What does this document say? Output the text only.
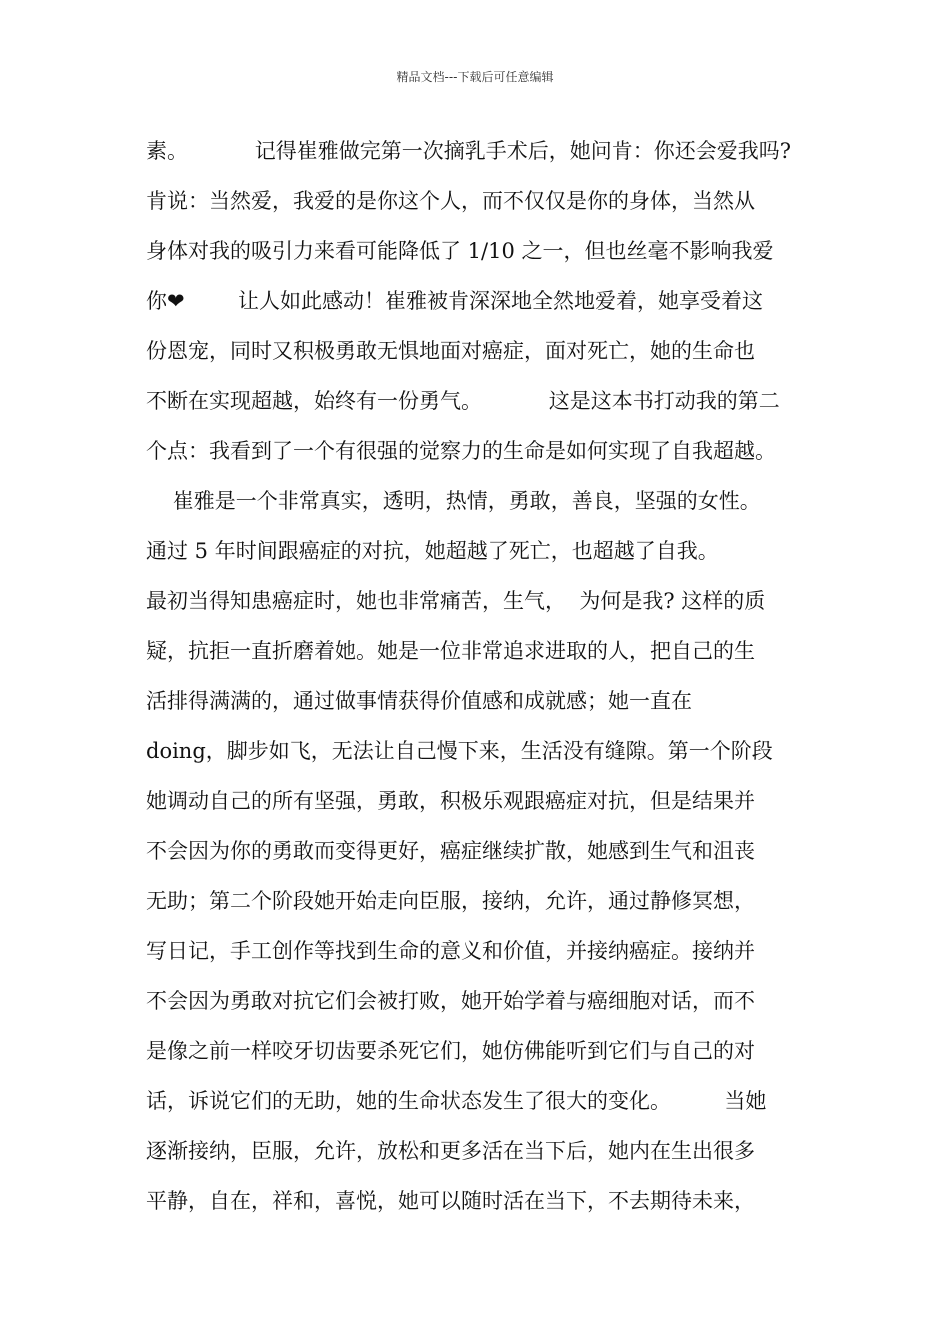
精品文档---下载后可任意编辑
素。          记得崔雅做完第一次摘乳手术后，她问肯：你还会爱我吗?
肯说：当然爱，我爱的是你这个人，而不仅仅是你的身体，当然从
身体对我的吸引力来看可能降低了 1/10 之一，但也丝毫不影响我爱
你❤        让人如此感动！崔雅被肯深深地全然地爱着，她享受着这
份恩宠，同时又积极勇敢无惧地面对癌症，面对死亡，她的生命也
不断在实现超越，始终有一份勇气。          这是这本书打动我的第二
个点：我看到了一个有很强的觉察力的生命是如何实现了自我超越。
崔雅是一个非常真实，透明，热情，勇敢，善良，坚强的女性。
通过 5 年时间跟癌症的对抗，她超越了死亡，也超越了自我。
最初当得知患癌症时，她也非常痛苦，生气，  为何是我? 这样的质
疑，抗拒一直折磨着她。她是一位非常追求进取的人，把自己的生
活排得满满的，通过做事情获得价值感和成就感；她一直在
doing，脚步如飞，无法让自己慢下来，生活没有缝隙。第一个阶段
她调动自己的所有坚强，勇敢，积极乐观跟癌症对抗，但是结果并
不会因为你的勇敢而变得更好，癌症继续扩散，她感到生气和沮丧
无助；第二个阶段她开始走向臣服，接纳，允许，通过静修冥想，
写日记，手工创作等找到生命的意义和价值，并接纳癌症。接纳并
不会因为勇敢对抗它们会被打败，她开始学着与癌细胞对话，而不
是像之前一样咬牙切齿要杀死它们，她仿佛能听到它们与自己的对
话，诉说它们的无助，她的生命状态发生了很大的变化。        当她
逐渐接纳，臣服，允许，放松和更多活在当下后，她内在生出很多
平静，自在，祥和，喜悦，她可以随时活在当下，不去期待未来，
